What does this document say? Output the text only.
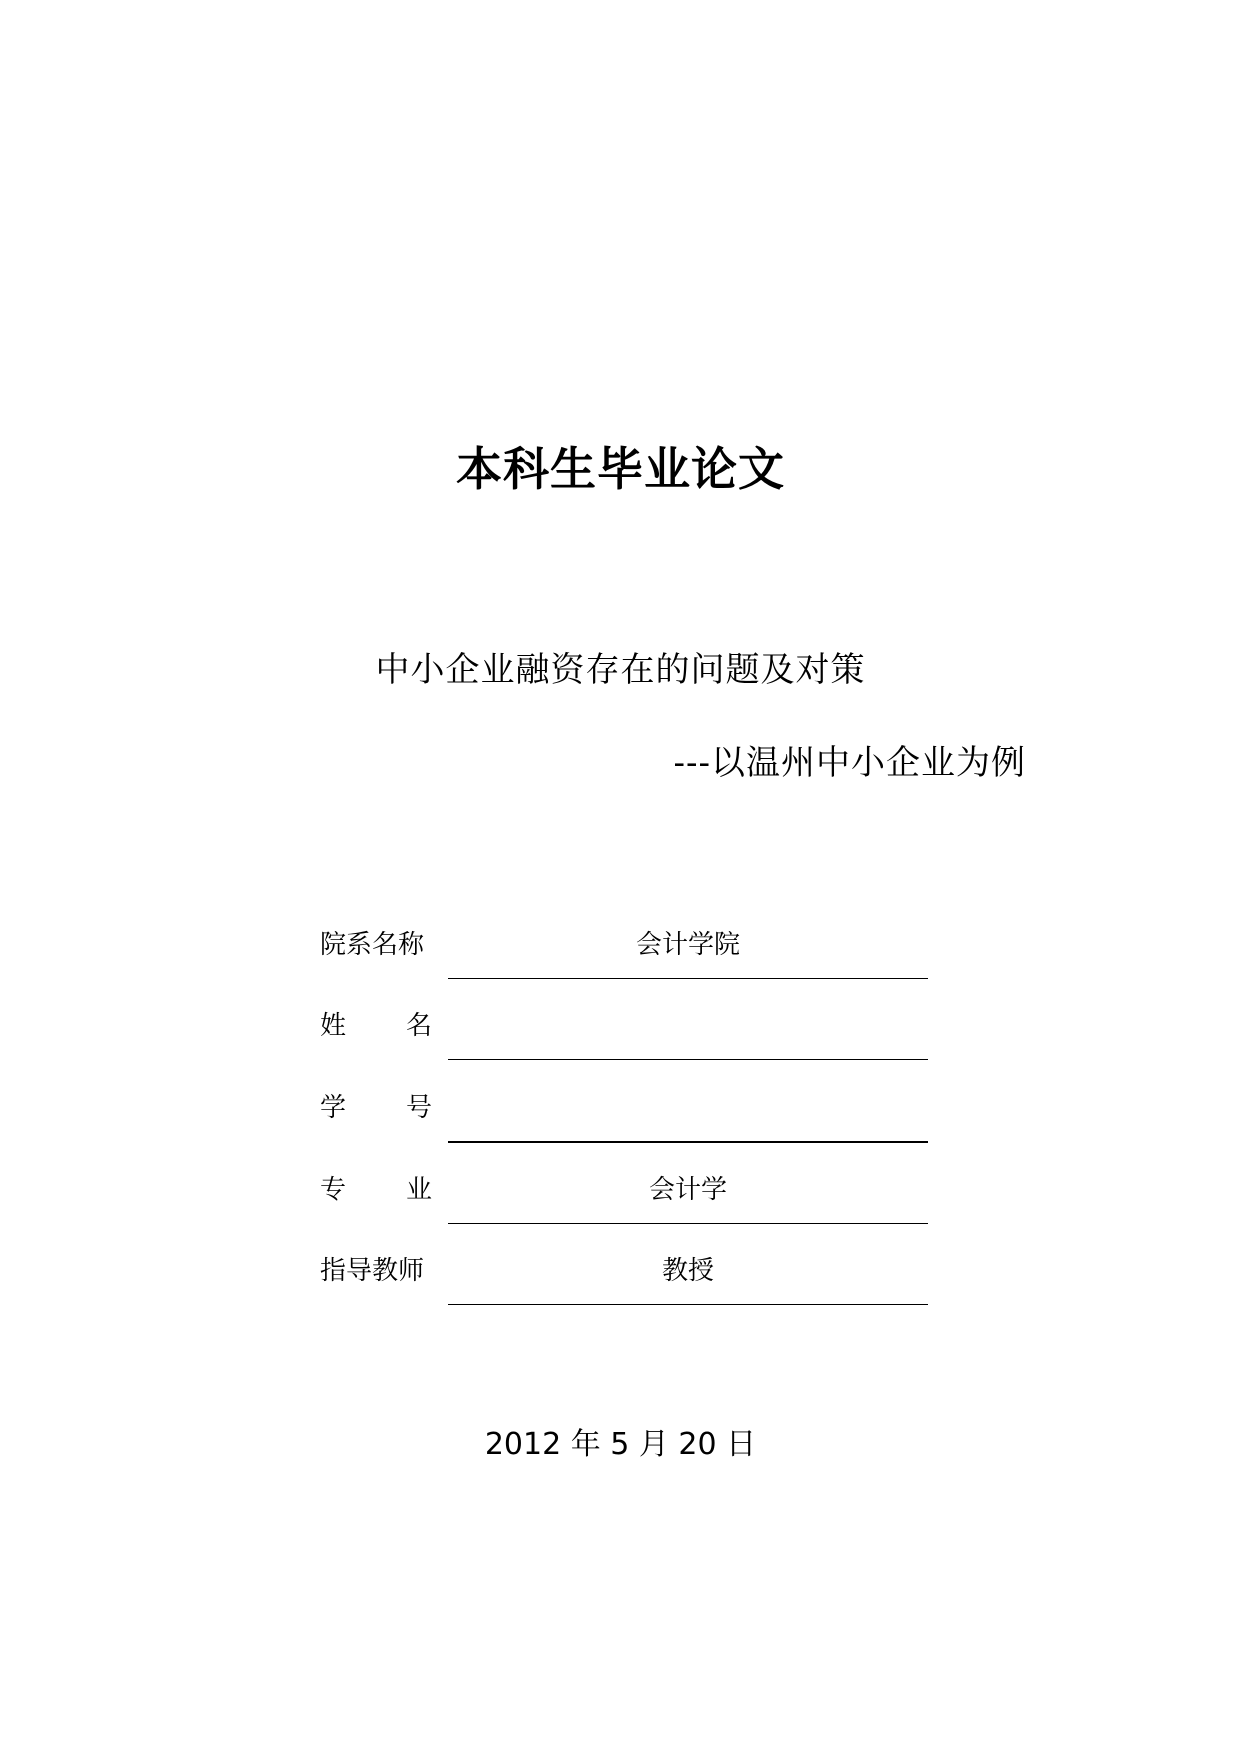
本科生毕业论文
中小企业融资存在的问题及对策
---以温州中小企业为例
院系名称	会计学院
姓 名
学 号
专 业	会计学
指导教师	教授
2012 年 5 月 20 日
